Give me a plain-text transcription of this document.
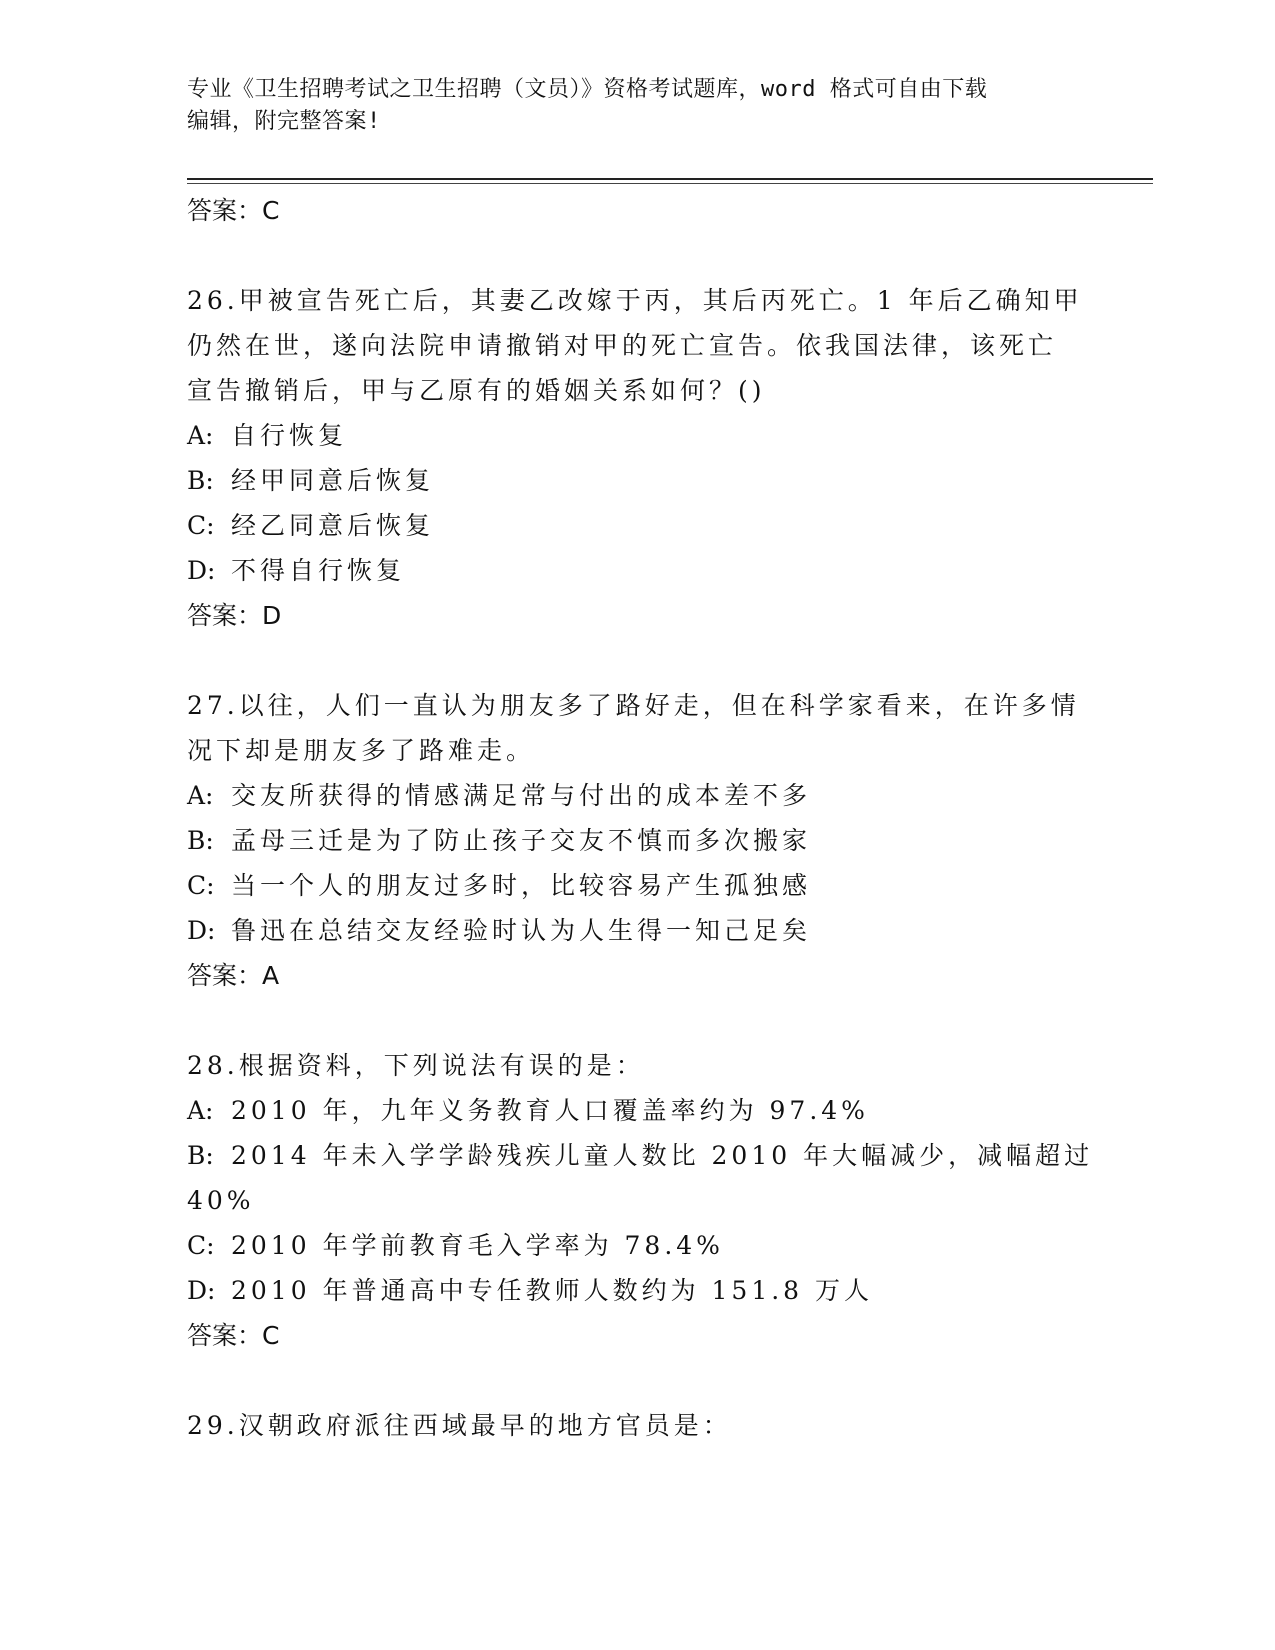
专业《卫生招聘考试之卫生招聘（文员）》资格考试题库，word 格式可自由下载
编辑，附完整答案!
答案：C
26.甲被宣告死亡后，其妻乙改嫁于丙，其后丙死亡。1 年后乙确知甲
仍然在世，遂向法院申请撤销对甲的死亡宣告。依我国法律，该死亡
宣告撤销后，甲与乙原有的婚姻关系如何？()
A: 自行恢复
B: 经甲同意后恢复
C: 经乙同意后恢复
D: 不得自行恢复
答案：D
27.以往，人们一直认为朋友多了路好走，但在科学家看来，在许多情
况下却是朋友多了路难走。
A: 交友所获得的情感满足常与付出的成本差不多
B: 孟母三迁是为了防止孩子交友不慎而多次搬家
C: 当一个人的朋友过多时，比较容易产生孤独感
D: 鲁迅在总结交友经验时认为人生得一知己足矣
答案：A
28.根据资料，下列说法有误的是：
A: 2010 年，九年义务教育人口覆盖率约为 97.4%
B: 2014 年未入学学龄残疾儿童人数比 2010 年大幅减少，减幅超过
40%
C: 2010 年学前教育毛入学率为 78.4%
D: 2010 年普通高中专任教师人数约为 151.8 万人
答案：C
29.汉朝政府派往西域最早的地方官员是：
